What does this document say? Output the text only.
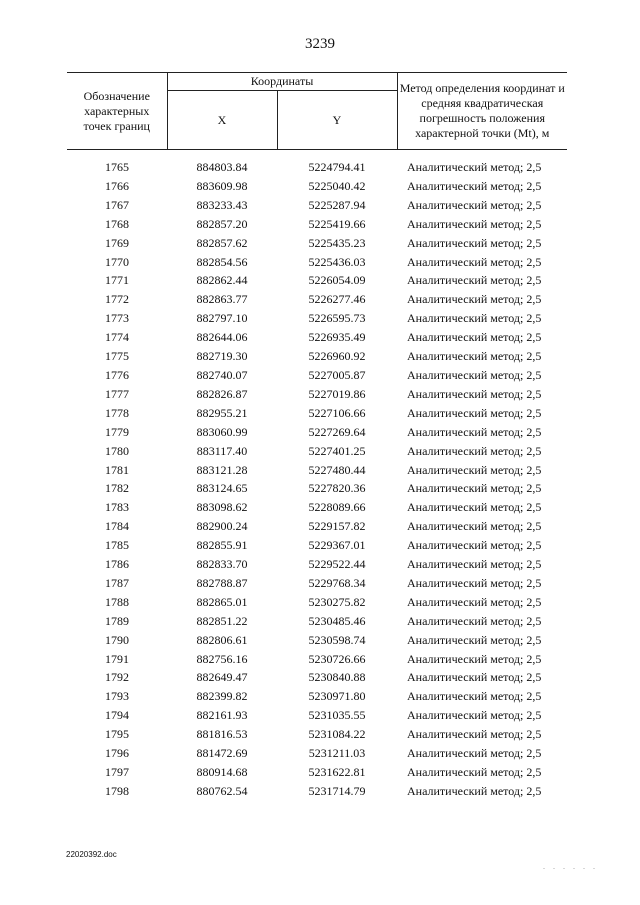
3239
Обозначение характерных точек границ	Координаты		Метод определения координат и средняя квадратическая погрешность положения характерной точки (Mt), м
	X	Y	
1765	884803.84	5224794.41	Аналитический метод; 2,5
1766	883609.98	5225040.42	Аналитический метод; 2,5
1767	883233.43	5225287.94	Аналитический метод; 2,5
1768	882857.20	5225419.66	Аналитический метод; 2,5
1769	882857.62	5225435.23	Аналитический метод; 2,5
1770	882854.56	5225436.03	Аналитический метод; 2,5
1771	882862.44	5226054.09	Аналитический метод; 2,5
1772	882863.77	5226277.46	Аналитический метод; 2,5
1773	882797.10	5226595.73	Аналитический метод; 2,5
1774	882644.06	5226935.49	Аналитический метод; 2,5
1775	882719.30	5226960.92	Аналитический метод; 2,5
1776	882740.07	5227005.87	Аналитический метод; 2,5
1777	882826.87	5227019.86	Аналитический метод; 2,5
1778	882955.21	5227106.66	Аналитический метод; 2,5
1779	883060.99	5227269.64	Аналитический метод; 2,5
1780	883117.40	5227401.25	Аналитический метод; 2,5
1781	883121.28	5227480.44	Аналитический метод; 2,5
1782	883124.65	5227820.36	Аналитический метод; 2,5
1783	883098.62	5228089.66	Аналитический метод; 2,5
1784	882900.24	5229157.82	Аналитический метод; 2,5
1785	882855.91	5229367.01	Аналитический метод; 2,5
1786	882833.70	5229522.44	Аналитический метод; 2,5
1787	882788.87	5229768.34	Аналитический метод; 2,5
1788	882865.01	5230275.82	Аналитический метод; 2,5
1789	882851.22	5230485.46	Аналитический метод; 2,5
1790	882806.61	5230598.74	Аналитический метод; 2,5
1791	882756.16	5230726.66	Аналитический метод; 2,5
1792	882649.47	5230840.88	Аналитический метод; 2,5
1793	882399.82	5230971.80	Аналитический метод; 2,5
1794	882161.93	5231035.55	Аналитический метод; 2,5
1795	881816.53	5231084.22	Аналитический метод; 2,5
1796	881472.69	5231211.03	Аналитический метод; 2,5
1797	880914.68	5231622.81	Аналитический метод; 2,5
1798	880762.54	5231714.79	Аналитический метод; 2,5
22020392.doc
. . . . . .
